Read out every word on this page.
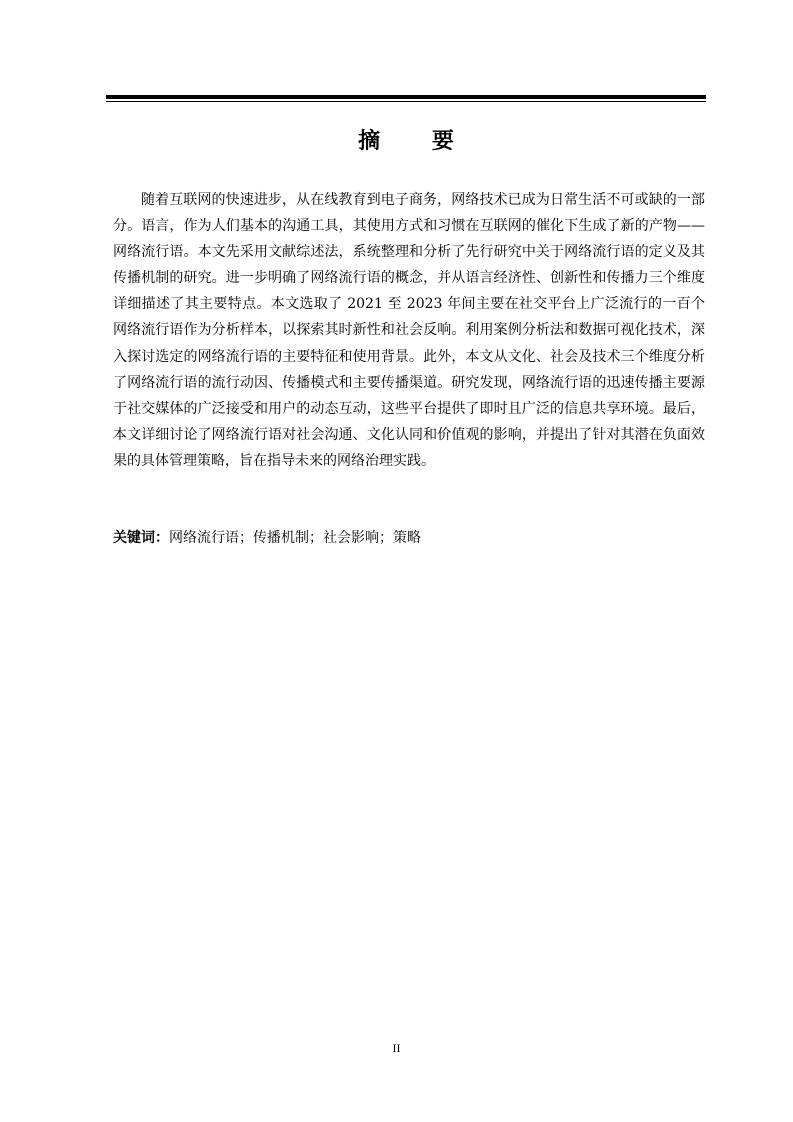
摘 要

随着互联网的快速进步，从在线教育到电子商务，网络技术已成为日常生活不可或缺的一部分。语言，作为人们基本的沟通工具，其使用方式和习惯在互联网的催化下生成了新的产物——网络流行语。本文先采用文献综述法，系统整理和分析了先行研究中关于网络流行语的定义及其传播机制的研究。进一步明确了网络流行语的概念，并从语言经济性、创新性和传播力三个维度详细描述了其主要特点。本文选取了 2021 至 2023 年间主要在社交平台上广泛流行的一百个网络流行语作为分析样本，以探索其时新性和社会反响。利用案例分析法和数据可视化技术，深入探讨选定的网络流行语的主要特征和使用背景。此外，本文从文化、社会及技术三个维度分析了网络流行语的流行动因、传播模式和主要传播渠道。研究发现，网络流行语的迅速传播主要源于社交媒体的广泛接受和用户的动态互动，这些平台提供了即时且广泛的信息共享环境。最后，本文详细讨论了网络流行语对社会沟通、文化认同和价值观的影响，并提出了针对其潜在负面效果的具体管理策略，旨在指导未来的网络治理实践。

关键词：网络流行语；传播机制；社会影响；策略
II
